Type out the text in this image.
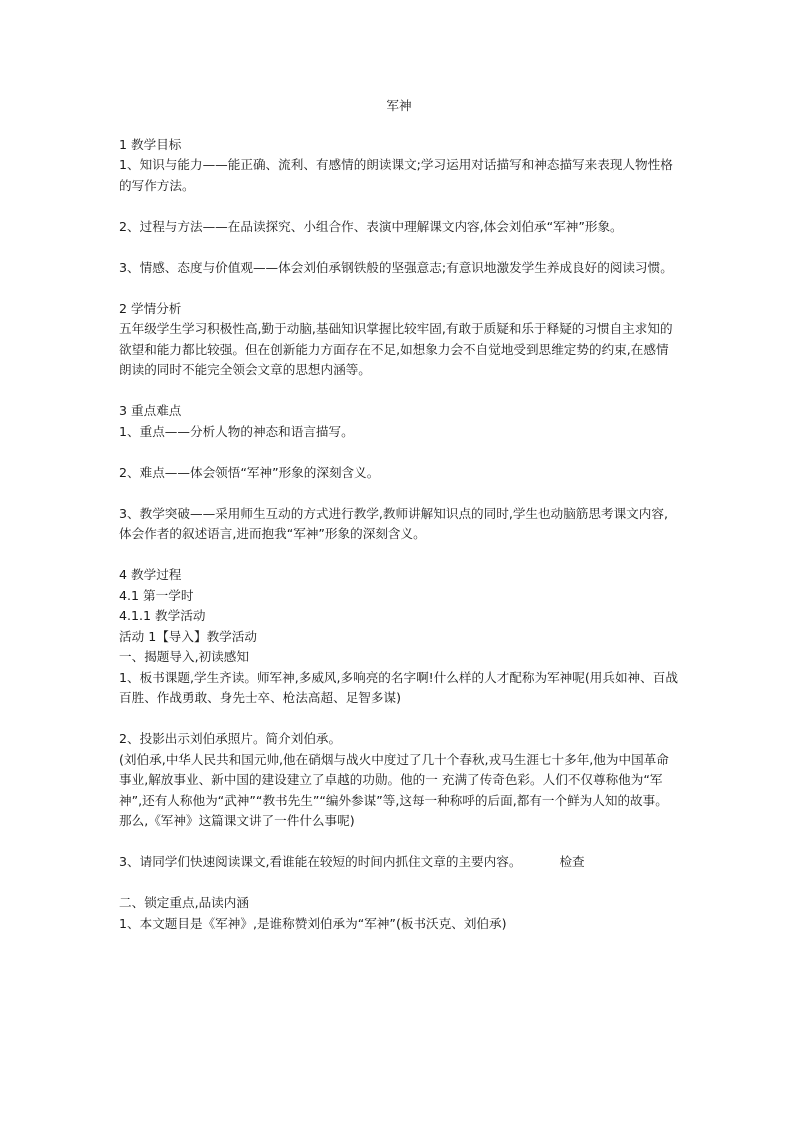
军神
1 教学目标
1、知识与能力——能正确、流利、有感情的朗读课文;学习运用对话描写和神态描写来表现人物性格的写作方法。
2、过程与方法——在品读探究、小组合作、表演中理解课文内容,体会刘伯承“军神”形象。
3、情感、态度与价值观——体会刘伯承钢铁般的坚强意志;有意识地激发学生养成良好的阅读习惯。
2 学情分析
五年级学生学习积极性高,勤于动脑,基础知识掌握比较牢固,有敢于质疑和乐于释疑的习惯自主求知的欲望和能力都比较强。但在创新能力方面存在不足,如想象力会不自觉地受到思维定势的约束,在感情朗读的同时不能完全领会文章的思想内涵等。
3 重点难点
1、重点——分析人物的神态和语言描写。
2、难点——体会领悟“军神”形象的深刻含义。
3、教学突破——采用师生互动的方式进行教学,教师讲解知识点的同时,学生也动脑筋思考课文内容,体会作者的叙述语言,进而抱我“军神”形象的深刻含义。
4 教学过程
4.1 第一学时
4.1.1 教学活动
活动 1【导入】教学活动
一、揭题导入,初读感知
1、板书课题,学生齐读。师军神,多威风,多响亮的名字啊!什么样的人才配称为军神呢(用兵如神、百战百胜、作战勇敢、身先士卒、枪法高超、足智多谋)
2、投影出示刘伯承照片。简介刘伯承。
(刘伯承,中华人民共和国元帅,他在硝烟与战火中度过了几十个春秋,戎马生涯七十多年,他为中国革命事业,解放事业、新中国的建设建立了卓越的功勋。他的一 充满了传奇色彩。人们不仅尊称他为“军神”,还有人称他为“武神”“教书先生”“编外参谋”等,这每一种称呼的后面,都有一个鲜为人知的故事。那么,《军神》这篇课文讲了一件什么事呢)
3、请同学们快速阅读课文,看谁能在较短的时间内抓住文章的主要内容。	检查
二、锁定重点,品读内涵
1、本文题目是《军神》,是谁称赞刘伯承为“军神”(板书沃克、刘伯承)
